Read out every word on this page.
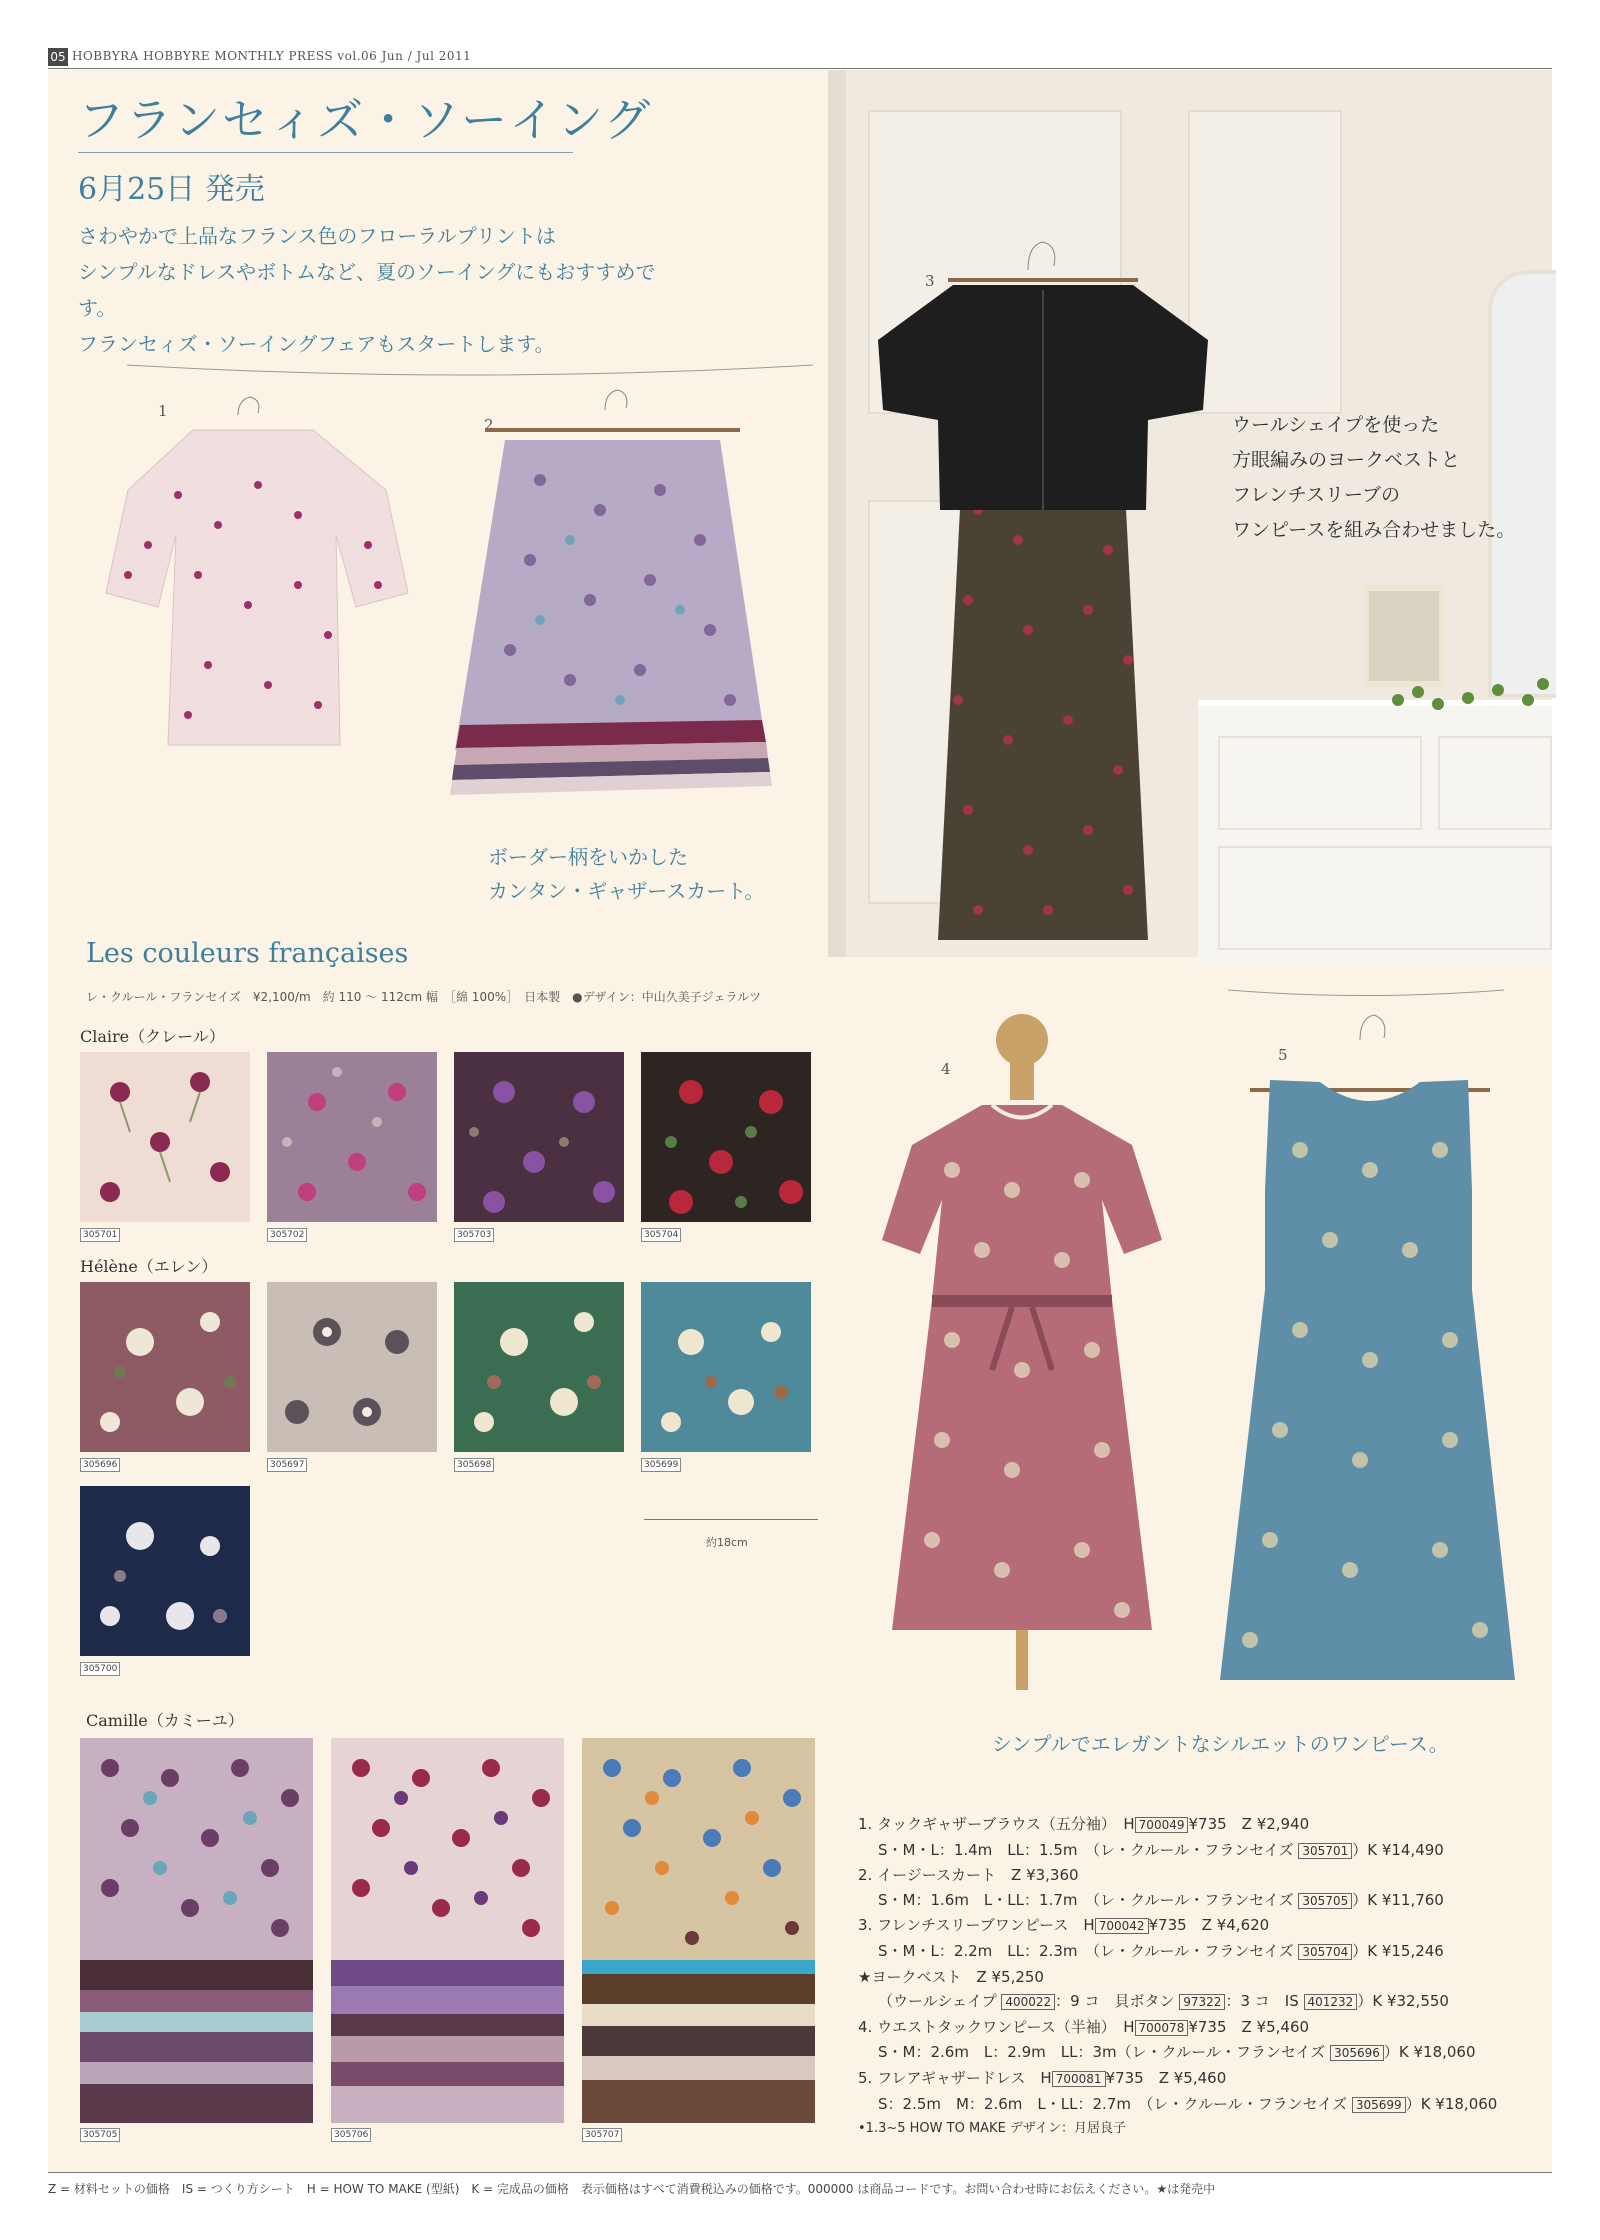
05 HOBBYRA HOBBYRE MONTHLY PRESS vol.06 Jun / Jul 2011
フランセィズ・ソーイング
6月25日 発売
さわやかで上品なフランス色のフローラルプリントは
シンプルなドレスやボトムなど、夏のソーイングにもおすすめです。
フランセィズ・ソーイングフェアもスタートします。
1
2
ボーダー柄をいかした
カンタン・ギャザースカート。
3
ウールシェイプを使った
方眼編みのヨークベストと
フレンチスリーブの
ワンピースを組み合わせました。
Les couleurs françaises
レ・クルール・フランセイズ　¥2,100/m　約 110 ～ 112cm 幅　［綿 100%］　日本製　●デザイン：中山久美子ジェラルツ
Claire（クレール）
305701	305702	305703	305704
Hélène（エレン）
305696	305697	305698	305699
305700
約18cm
Camille（カミーユ）
305705	305706	305707
4
5
シンプルでエレガントなシルエットのワンピース。
1. タックギャザーブラウス（五分袖）　H 700049 ¥735　Z ¥2,940
S・M・L：1.4m　LL：1.5m　（レ・クルール・フランセイズ 305701 ）K ¥14,490
2. イージースカート　Z ¥3,360
S・M：1.6m　L・LL：1.7m　（レ・クルール・フランセイズ 305705 ）K ¥11,760
3. フレンチスリーブワンピース　H 700042 ¥735　Z ¥4,620
S・M・L：2.2m　LL：2.3m　（レ・クルール・フランセイズ 305704 ）K ¥15,246
★ヨークベスト　Z ¥5,250
（ウールシェイプ 400022 ：9 コ　貝ボタン 97322 ：3 コ　IS 401232 ）K ¥32,550
4. ウエストタックワンピース（半袖）　H 700078 ¥735　Z ¥5,460
S・M：2.6m　L：2.9m　LL：3m（レ・クルール・フランセイズ 305696 ）K ¥18,060
5. フレアギャザードレス　H 700081 ¥735　Z ¥5,460
S：2.5m　M：2.6m　L・LL：2.7m　（レ・クルール・フランセイズ 305699 ）K ¥18,060
•1.3~5 HOW TO MAKE デザイン：月居良子
Z = 材料セットの価格　IS = つくり方シート　H = HOW TO MAKE (型紙)　K = 完成品の価格　表示価格はすべて消費税込みの価格です。000000 は商品コードです。お問い合わせ時にお伝えください。★は発売中
